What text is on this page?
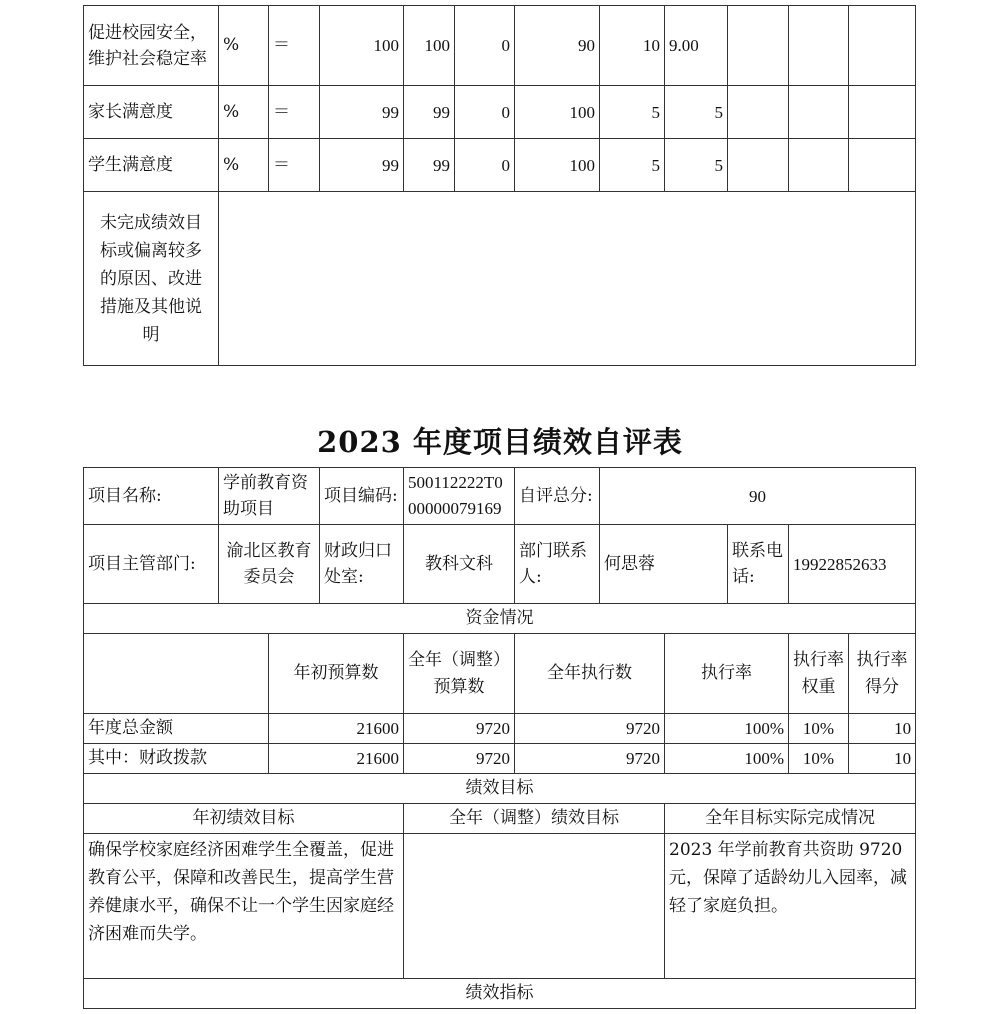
促进校园安全，维护社会稳定率	%	＝	100	100	0	90	10	9.00			
家长满意度	%	＝	99	99	0	100	5	5			
学生满意度	%	＝	99	99	0	100	5	5			
未完成绩效目标或偏离较多的原因、改进措施及其他说明											
2023 年度项目绩效自评表
项目名称:	学前教育资助项目		项目编码:	500112222T000000079169	自评总分:	90				
项目主管部门:	渝北区教育委员会		财政归口处室:	教科文科	部门联系人:	何思蓉		联系电话:	19922852633	
资金情况										
		年初预算数		全年（调整）预算数	全年执行数		执行率		执行率权重	执行率得分
年度总金额		21600		9720	9720		100%		10%	10
其中：财政拨款		21600		9720	9720		100%		10%	10
绩效目标										
年初绩效目标				全年（调整）绩效目标			全年目标实际完成情况			
确保学校家庭经济困难学生全覆盖，促进教育公平，保障和改善民生，提高学生营养健康水平，确保不让一个学生因家庭经济困难而失学。							2023 年学前教育共资助 9720 元，保障了适龄幼儿入园率，减轻了家庭负担。			
绩效指标										
